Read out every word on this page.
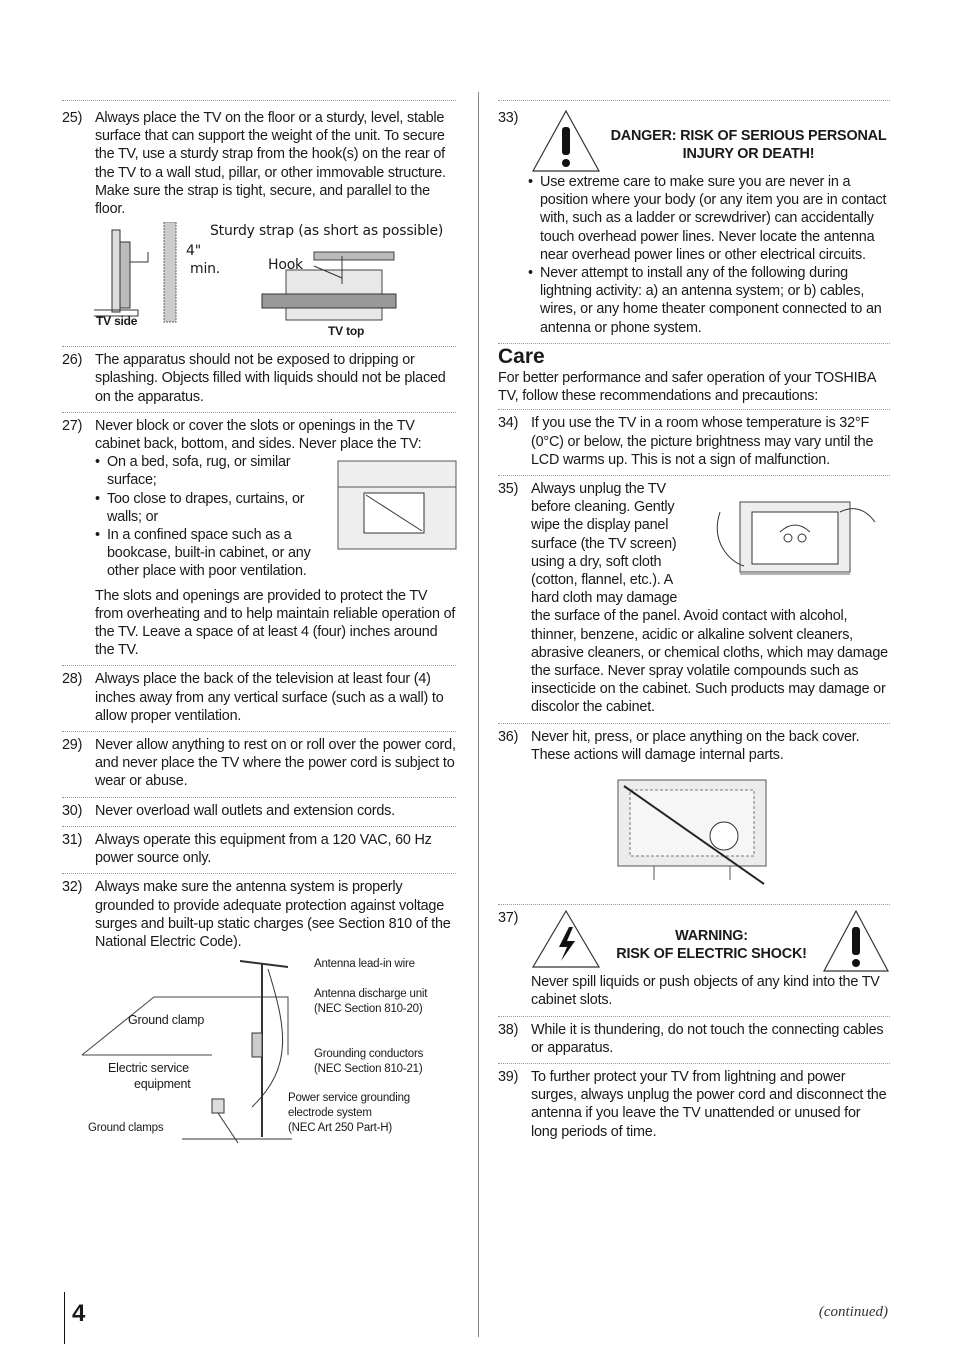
25) Always place the TV on the floor or a sturdy, level, stable surface that can support the weight of the unit. To secure the TV, use a sturdy strap from the hook(s) on the rear of the TV to a wall stud, pillar, or other immovable structure. Make sure the strap is tight, secure, and parallel to the floor.

Sturdy strap (as short as possible)
4"
min.	Hook
TV side
TV top
26) The apparatus should not be exposed to dripping or splashing. Objects filled with liquids should not be placed on the apparatus.

27) Never block or cover the slots or openings in the TV cabinet back, bottom, and sides. Never place the TV:

• On a bed, sofa, rug, or similar surface;
• Too close to drapes, curtains, or walls; or
• In a confined space such as a bookcase, built-in cabinet, or any other place with poor ventilation.

The slots and openings are provided to protect the TV from overheating and to help maintain reliable operation of the TV. Leave a space of at least 4 (four) inches around the TV.

28) Always place the back of the television at least four (4) inches away from any vertical surface (such as a wall) to allow proper ventilation.

29) Never allow anything to rest on or roll over the power cord, and never place the TV where the power cord is subject to wear or abuse.

30) Never overload wall outlets and extension cords.

31) Always operate this equipment from a 120 VAC, 60 Hz power source only.

32) Always make sure the antenna system is properly grounded to provide adequate protection against voltage surges and built-up static charges (see Section 810 of the National Electric Code).

Antenna lead-in wire
Antenna discharge unit
(NEC Section 810-20)
Ground clamp
Grounding conductors
(NEC Section 810-21)
Electric service
equipment
Power service grounding
electrode system
(NEC Art 250 Part-H)
Ground clamps
33)
DANGER: RISK OF SERIOUS PERSONAL
INJURY OR DEATH!
• Use extreme care to make sure you are never in a position where your body (or any item you are in contact with, such as a ladder or screwdriver) can accidentally touch overhead power lines. Never locate the antenna near overhead power lines or other electrical circuits.
• Never attempt to install any of the following during lightning activity: a) an antenna system; or b) cables, wires, or any home theater component connected to an antenna or phone system.
Care

For better performance and safer operation of your TOSHIBA TV, follow these recommendations and precautions:

34) If you use the TV in a room whose temperature is 32°F (0°C) or below, the picture brightness may vary until the LCD warms up. This is not a sign of malfunction.

35) Always unplug the TV before cleaning. Gently wipe the display panel surface (the TV screen) using a dry, soft cloth (cotton, flannel, etc.). A hard cloth may damage

the surface of the panel. Avoid contact with alcohol, thinner, benzene, acidic or alkaline solvent cleaners, abrasive cleaners, or chemical cloths, which may damage the surface. Never spray volatile compounds such as insecticide on the cabinet. Such products may damage or discolor the cabinet.

36) Never hit, press, or place anything on the back cover. These actions will damage internal parts.

37)
WARNING:
RISK OF ELECTRIC SHOCK!

Never spill liquids or push objects of any kind into the TV cabinet slots.

38) While it is thundering, do not touch the connecting cables or apparatus.

39) To further protect your TV from lightning and power surges, always unplug the power cord and disconnect the antenna if you leave the TV unattended or unused for long periods of time.

4	(continued)
